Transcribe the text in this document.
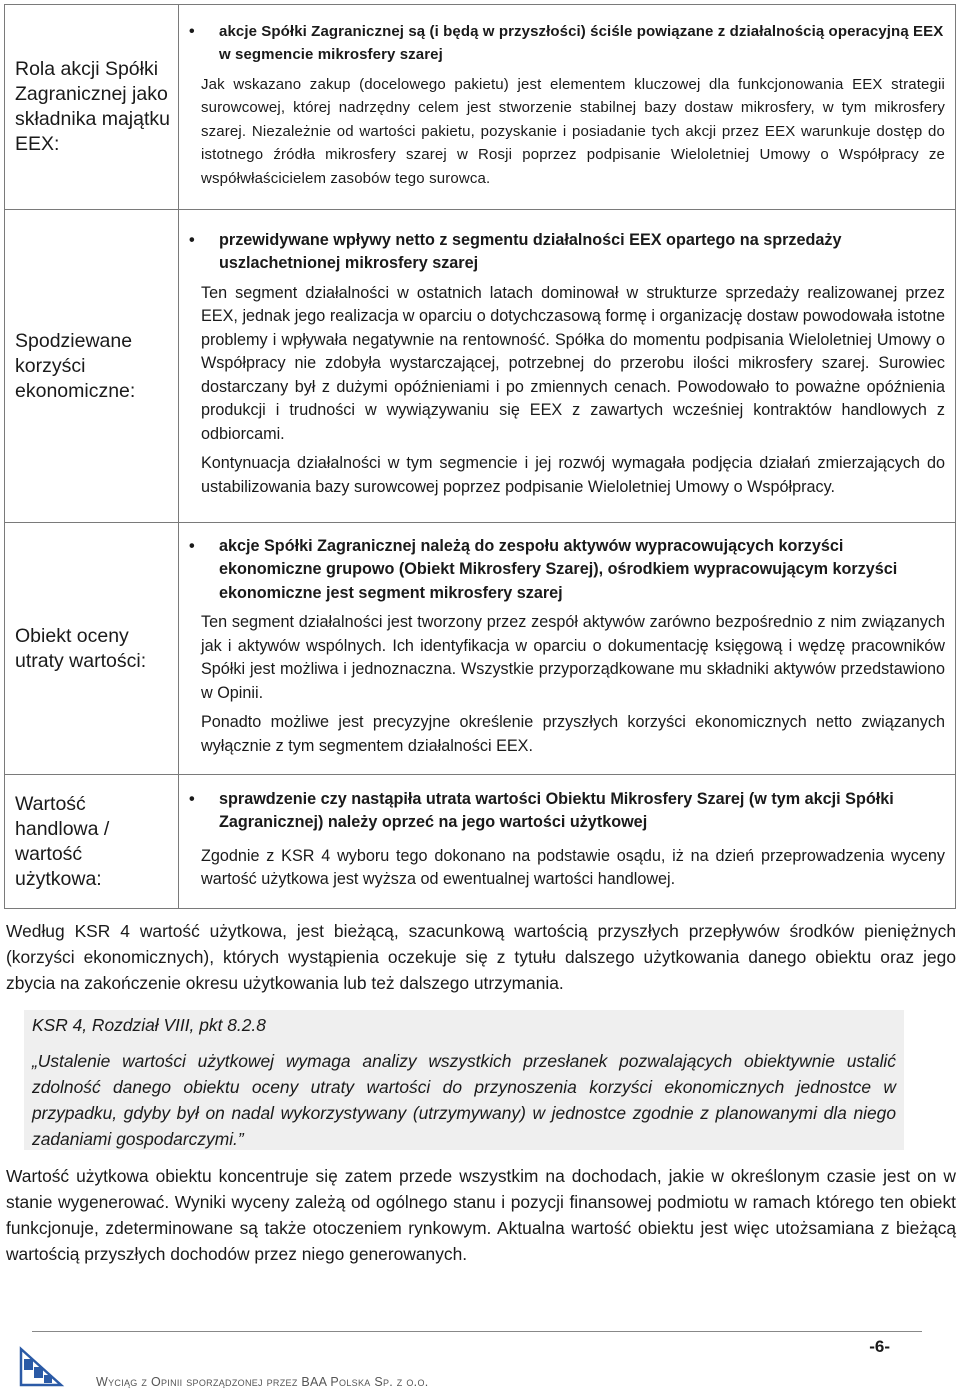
Rola akcji Spółki Zagranicznej jako składnika majątku EEX:	• akcje Spółki Zagranicznej są (i będą w przyszłości) ściśle powiązane z działalnością operacyjną EEX w segmencie mikrosfery szarej
Jak wskazano zakup (docelowego pakietu) jest elementem kluczowej dla funkcjonowania EEX strategii surowcowej, której nadrzędny celem jest stworzenie stabilnej bazy dostaw mikrosfery, w tym mikrosfery szarej. Niezależnie od wartości pakietu, pozyskanie i posiadanie tych akcji przez EEX warunkuje dostęp do istotnego źródła mikrosfery szarej w Rosji poprzez podpisanie Wieloletniej Umowy o Współpracy ze współwłaścicielem zasobów tego surowca.

Spodziewane korzyści ekonomiczne:	• przewidywane wpływy netto z segmentu działalności EEX opartego na sprzedaży uszlachetnionej mikrosfery szarej
Ten segment działalności w ostatnich latach dominował w strukturze sprzedaży realizowanej przez EEX, jednak jego realizacja w oparciu o dotychczasową formę i organizację dostaw powodowała istotne problemy i wpływała negatywnie na rentowność. Spółka do momentu podpisania Wieloletniej Umowy o Współpracy nie zdobyła wystarczającej, potrzebnej do przerobu ilości mikrosfery szarej. Surowiec dostarczany był z dużymi opóźnieniami i po zmiennych cenach. Powodowało to poważne opóźnienia produkcji i trudności w wywiązywaniu się EEX z zawartych wcześniej kontraktów handlowych z odbiorcami.
Kontynuacja działalności w tym segmencie i jej rozwój wymagała podjęcia działań zmierzających do ustabilizowania bazy surowcowej poprzez podpisanie Wieloletniej Umowy o Współpracy.

Obiekt oceny utraty wartości:	• akcje Spółki Zagranicznej należą do zespołu aktywów wypracowujących korzyści ekonomiczne grupowo (Obiekt Mikrosfery Szarej), ośrodkiem wypracowującym korzyści ekonomiczne jest segment mikrosfery szarej
Ten segment działalności jest tworzony przez zespół aktywów zarówno bezpośrednio z nim związanych jak i aktywów wspólnych. Ich identyfikacja w oparciu o dokumentację księgową i wędzę pracowników Spółki jest możliwa i jednoznaczna. Wszystkie przyporządkowane mu składniki aktywów przedstawiono w Opinii.
Ponadto możliwe jest precyzyjne określenie przyszłych korzyści ekonomicznych netto związanych wyłącznie z tym segmentem działalności EEX.

Wartość handlowa / wartość użytkowa:	• sprawdzenie czy nastąpiła utrata wartości Obiektu Mikrosfery Szarej (w tym akcji Spółki Zagranicznej) należy oprzeć na jego wartości użytkowej
Zgodnie z KSR 4 wyboru tego dokonano na podstawie osądu, iż na dzień przeprowadzenia wyceny wartość użytkowa jest wyższa od ewentualnej wartości handlowej.
Według KSR 4 wartość użytkowa, jest bieżącą, szacunkową wartością przyszłych przepływów środków pieniężnych (korzyści ekonomicznych), których wystąpienia oczekuje się z tytułu dalszego użytkowania danego obiektu oraz jego zbycia na zakończenie okresu użytkowania lub też dalszego utrzymania.
KSR 4, Rozdział VIII, pkt 8.2.8
„Ustalenie wartości użytkowej wymaga analizy wszystkich przesłanek pozwalających obiektywnie ustalić zdolność danego obiektu oceny utraty wartości do przynoszenia korzyści ekonomicznych jednostce w przypadku, gdyby był on nadal wykorzystywany (utrzymywany) w jednostce zgodnie z planowanymi dla niego zadaniami gospodarczymi.”
Wartość użytkowa obiektu koncentruje się zatem przede wszystkim na dochodach, jakie w określonym czasie jest on w stanie wygenerować. Wyniki wyceny zależą od ogólnego stanu i pozycji finansowej podmiotu w ramach którego ten obiekt funkcjonuje, zdeterminowane są także otoczeniem rynkowym. Aktualna wartość obiektu jest więc utożsamiana z bieżącą wartością przyszłych dochodów przez niego generowanych.
-6-
Wyciąg z Opinii sporządzonej przez BAA Polska Sp. z o.o.
